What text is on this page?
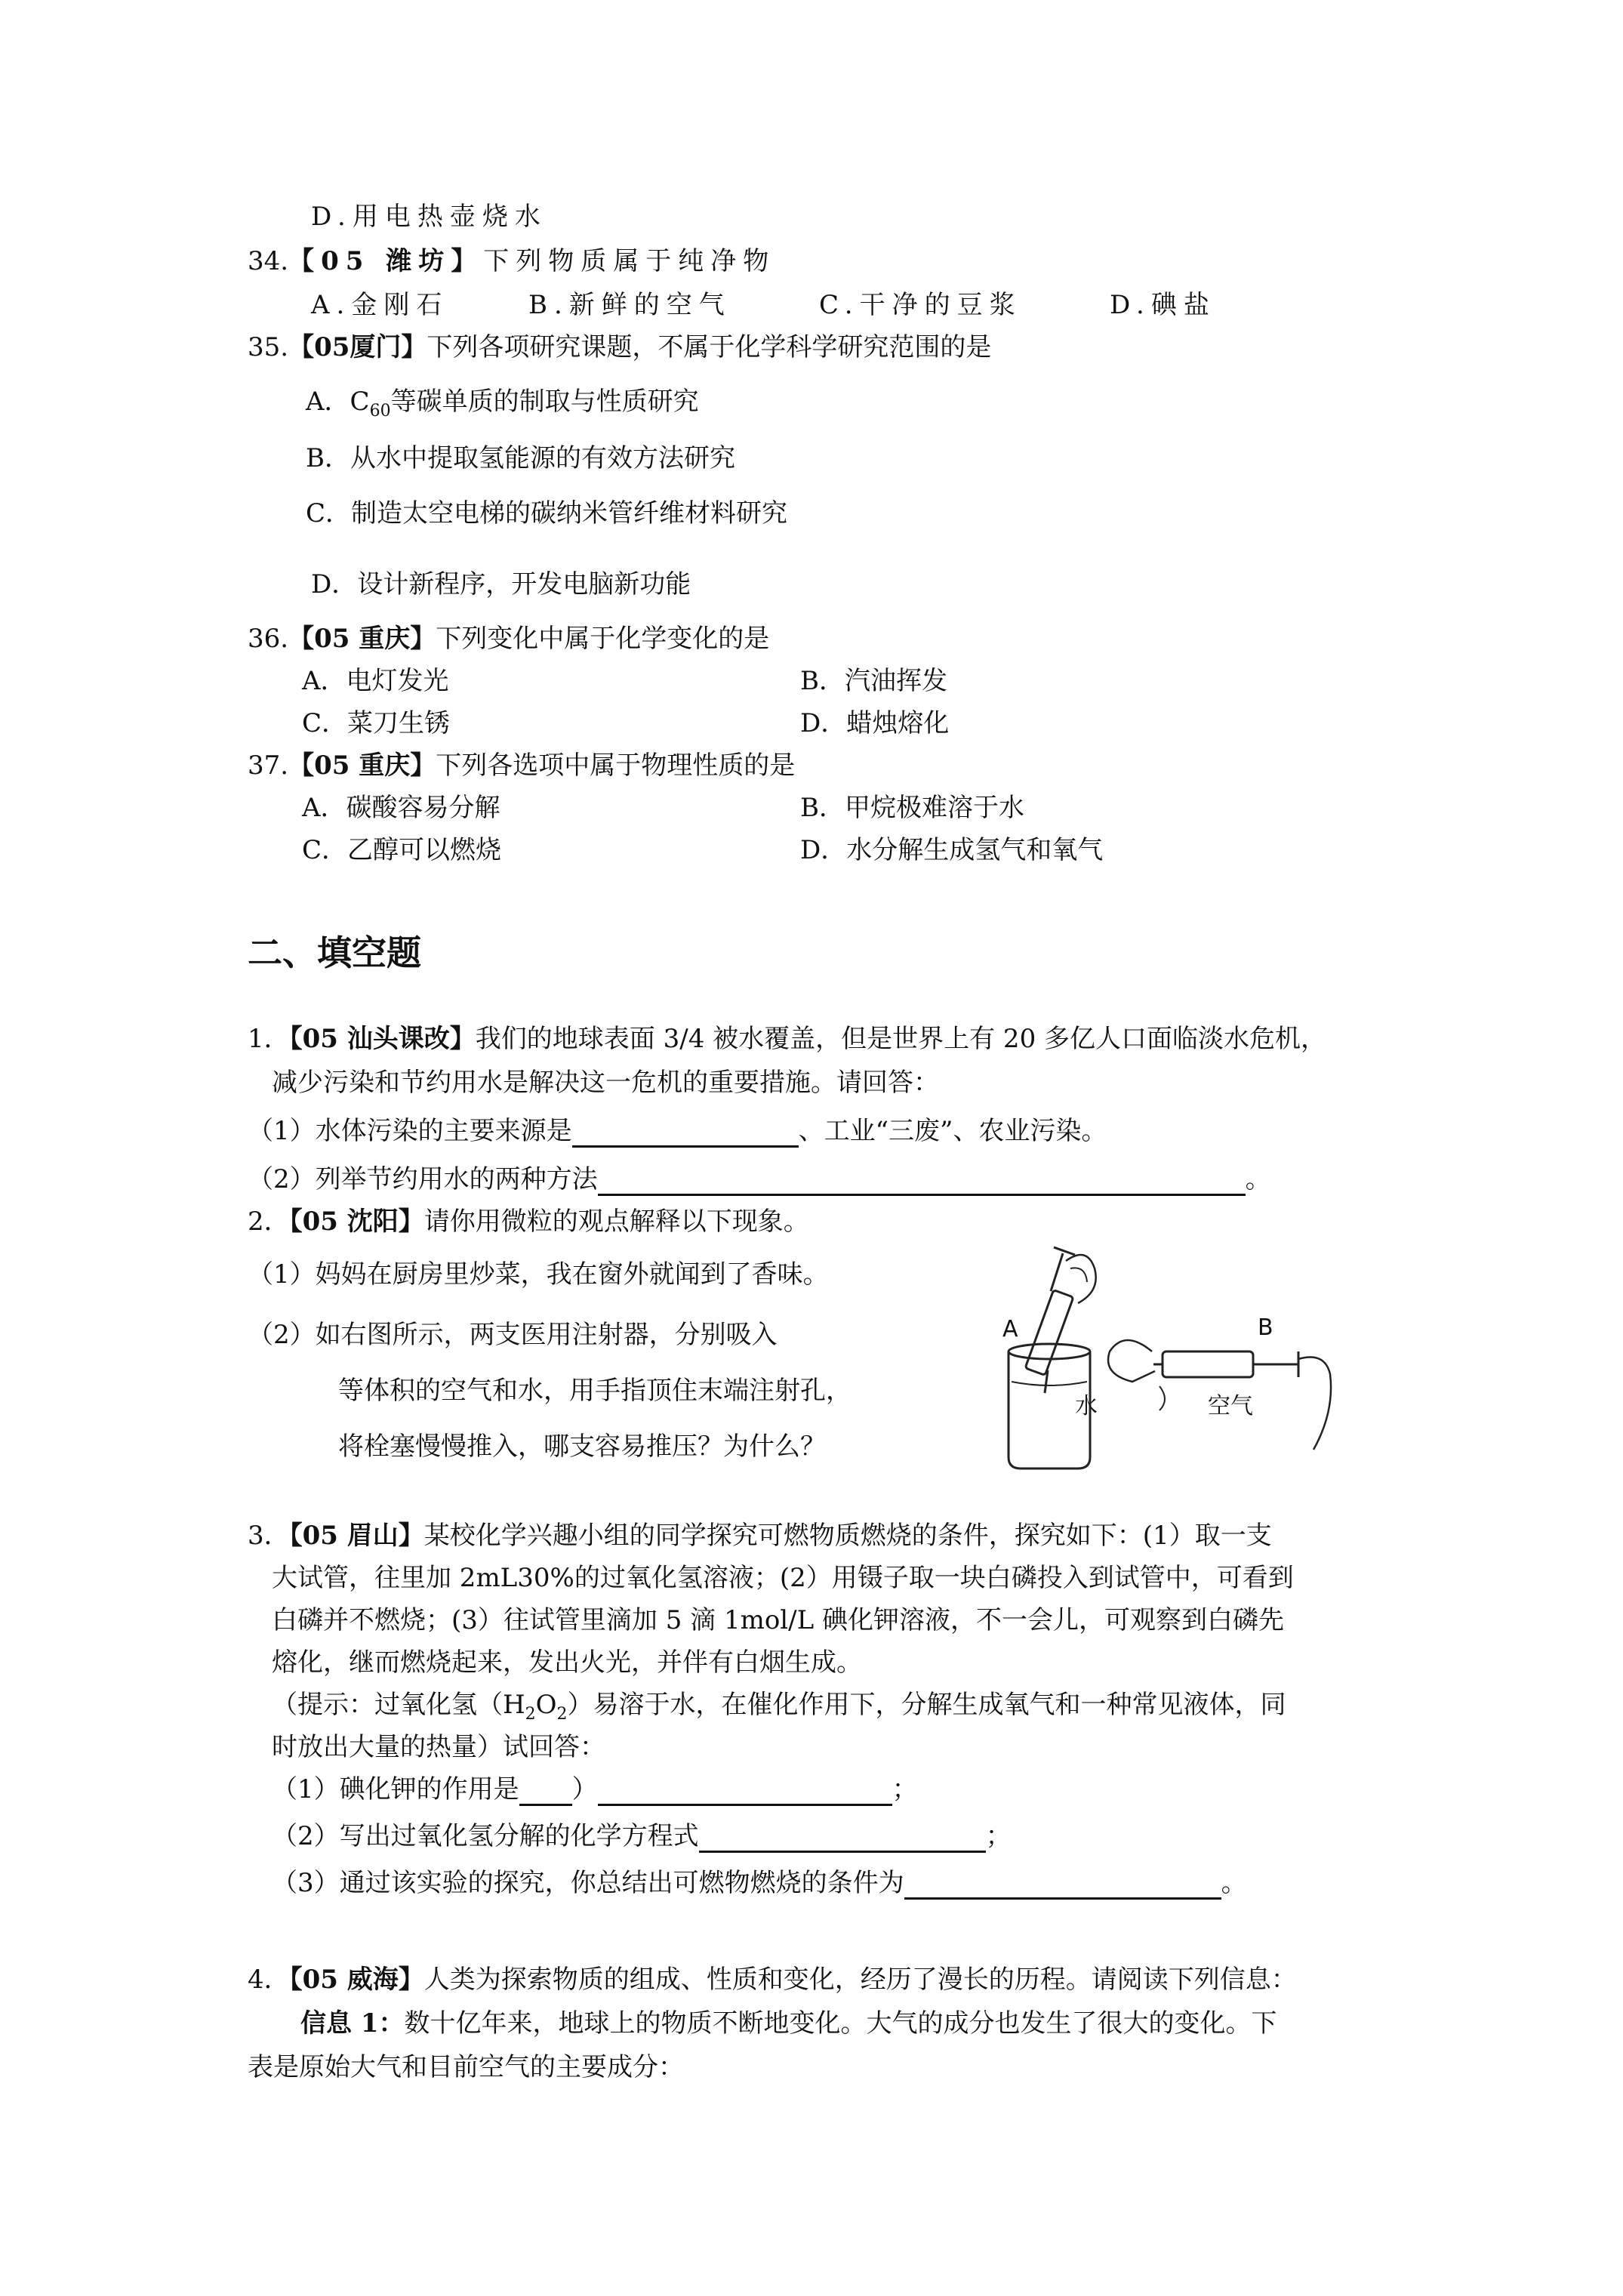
D.用电热壶烧水
34.【05 潍坊】下列物质属于纯净物
A.金刚石	B.新鲜的空气	C.干净的豆浆	D.碘盐
35.【05厦门】下列各项研究课题，不属于化学科学研究范围的是
A．$C_{60}$等碳单质的制取与性质研究
B．从水中提取氢能源的有效方法研究
C．制造太空电梯的碳纳米管纤维材料研究
D．设计新程序，开发电脑新功能
36.【05 重庆】下列变化中属于化学变化的是
A．电灯发光	B．汽油挥发
C．菜刀生锈	D．蜡烛熔化
37.【05 重庆】下列各选项中属于物理性质的是
A．碳酸容易分解	B．甲烷极难溶于水
C．乙醇可以燃烧	D．水分解生成氢气和氧气
二、填空题
1．【05 汕头课改】我们的地球表面 3/4 被水覆盖，但是世界上有 20 多亿人口面临淡水危机，
减少污染和节约用水是解决这一危机的重要措施。请回答：
（1）水体污染的主要来源是	、工业“三废”、农业污染。
（2）列举节约用水的两种方法	。
2．【05 沈阳】请你用微粒的观点解释以下现象。
（1）妈妈在厨房里炒菜，我在窗外就闻到了香味。
（2）如右图所示，两支医用注射器，分别吸入
等体积的空气和水，用手指顶住末端注射孔，
将栓塞慢慢推入，哪支容易推压？为什么？
A
水
B
空气
3．【05 眉山】某校化学兴趣小组的同学探究可燃物质燃烧的条件，探究如下：(1）取一支
大试管，往里加 2mL30%的过氧化氢溶液；(2）用镊子取一块白磷投入到试管中，可看到
白磷并不燃烧；(3）往试管里滴加 5 滴 1mol/L 碘化钾溶液，不一会儿，可观察到白磷先
熔化，继而燃烧起来，发出火光，并伴有白烟生成。
（提示：过氧化氢$(H_2O_2)$易溶于水，在催化作用下，分解生成氧气和一种常见液体，同
时放出大量的热量）试回答：
（1）碘化钾的作用是 ）	；
（2）写出过氧化氢分解的化学方程式	；
（3）通过该实验的探究，你总结出可燃物燃烧的条件为	。
4．【05 威海】人类为探索物质的组成、性质和变化，经历了漫长的历程。请阅读下列信息：
信息 1：数十亿年来，地球上的物质不断地变化。大气的成分也发生了很大的变化。下
表是原始大气和目前空气的主要成分：
